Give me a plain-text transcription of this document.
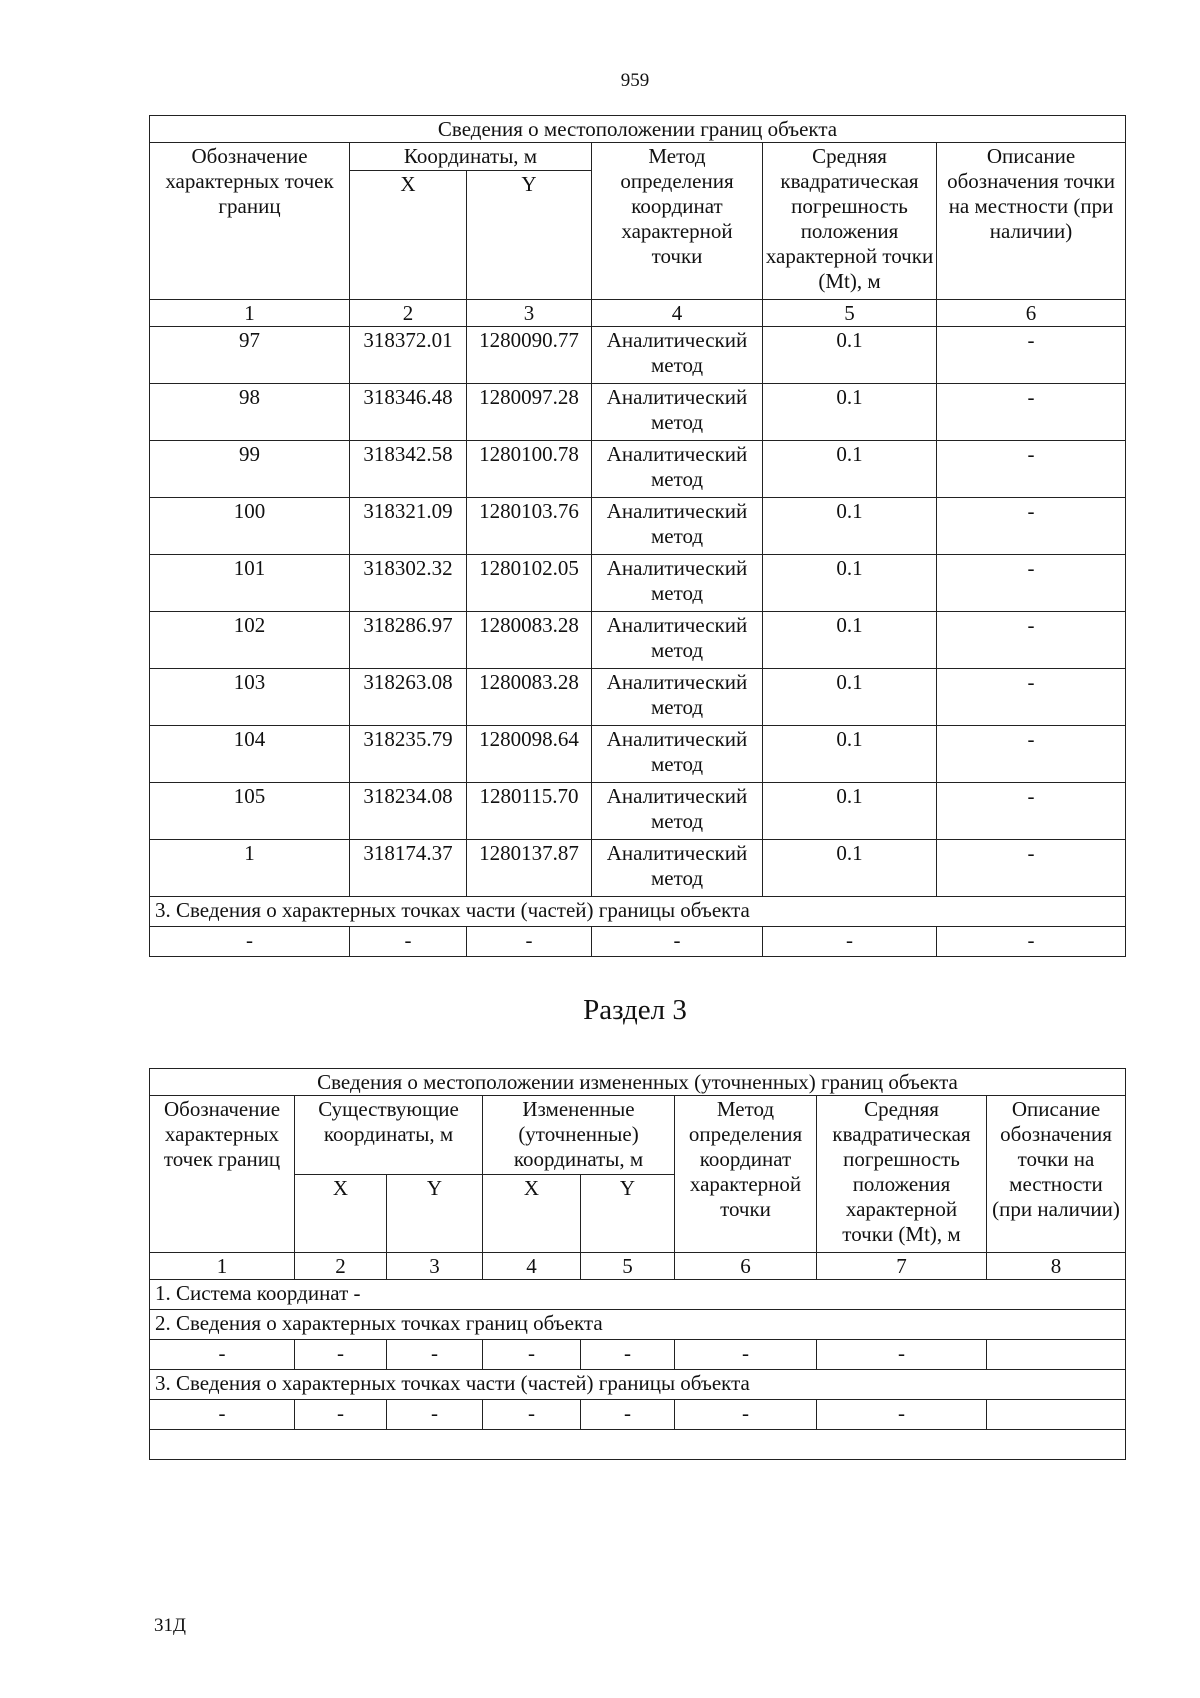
959
Сведения о местоположении границ объекта					
Обозначение характерных точек границ	Координаты, м		Метод определения координат характерной точки	Средняя квадратическая погрешность положения характерной точки (Mt), м	Описание обозначения точки на местности (при наличии)
	X	Y			
1	2	3	4	5	6
97	318372.01	1280090.77	Аналитический метод	0.1	-
98	318346.48	1280097.28	Аналитический метод	0.1	-
99	318342.58	1280100.78	Аналитический метод	0.1	-
100	318321.09	1280103.76	Аналитический метод	0.1	-
101	318302.32	1280102.05	Аналитический метод	0.1	-
102	318286.97	1280083.28	Аналитический метод	0.1	-
103	318263.08	1280083.28	Аналитический метод	0.1	-
104	318235.79	1280098.64	Аналитический метод	0.1	-
105	318234.08	1280115.70	Аналитический метод	0.1	-
1	318174.37	1280137.87	Аналитический метод	0.1	-
3. Сведения о характерных точках части (частей) границы объекта					
-	-	-	-	-	-
Раздел 3
Сведения о местоположении измененных (уточненных) границ объекта							
Обозначение характерных точек границ	Существующие координаты, м		Измененные (уточненные) координаты, м		Метод определения координат характерной точки	Средняя квадратическая погрешность положения характерной точки (Mt), м	Описание обозначения точки на местности (при наличии)
	X	Y	X	Y			
1	2	3	4	5	6	7	8
1. Система координат -							
2. Сведения о характерных точках границ объекта							
-	-	-	-	-	-	-	
3. Сведения о характерных точках части (частей) границы объекта							
-	-	-	-	-	-	-	

31Д
